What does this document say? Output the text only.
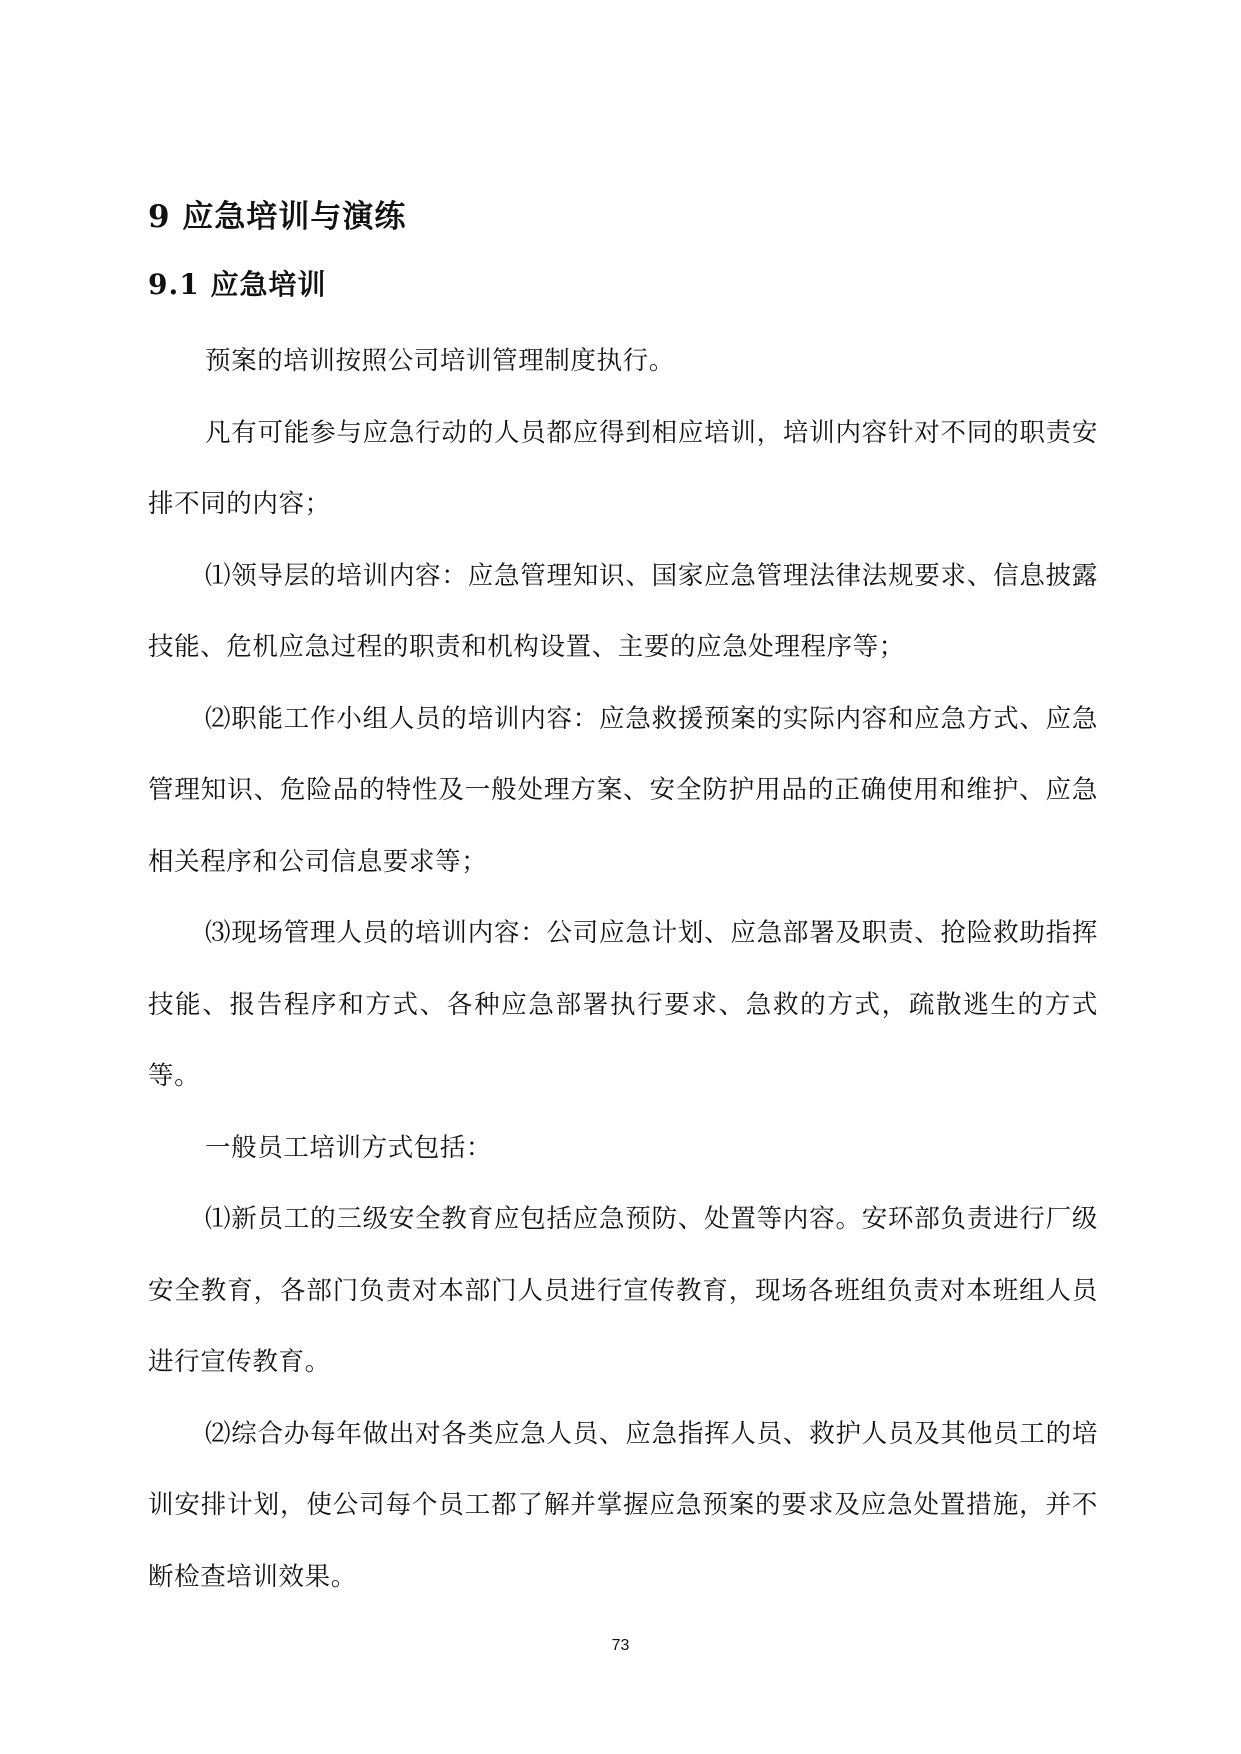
9 应急培训与演练
9.1 应急培训

预案的培训按照公司培训管理制度执行。

凡有可能参与应急行动的人员都应得到相应培训，培训内容针对不同的职责安排不同的内容；

⑴领导层的培训内容：应急管理知识、国家应急管理法律法规要求、信息披露技能、危机应急过程的职责和机构设置、主要的应急处理程序等；

⑵职能工作小组人员的培训内容：应急救援预案的实际内容和应急方式、应急管理知识、危险品的特性及一般处理方案、安全防护用品的正确使用和维护、应急相关程序和公司信息要求等；

⑶现场管理人员的培训内容：公司应急计划、应急部署及职责、抢险救助指挥技能、报告程序和方式、各种应急部署执行要求、急救的方式，疏散逃生的方式等。

一般员工培训方式包括：

⑴新员工的三级安全教育应包括应急预防、处置等内容。安环部负责进行厂级安全教育，各部门负责对本部门人员进行宣传教育，现场各班组负责对本班组人员进行宣传教育。

⑵综合办每年做出对各类应急人员、应急指挥人员、救护人员及其他员工的培训安排计划，使公司每个员工都了解并掌握应急预案的要求及应急处置措施，并不断检查培训效果。

73
